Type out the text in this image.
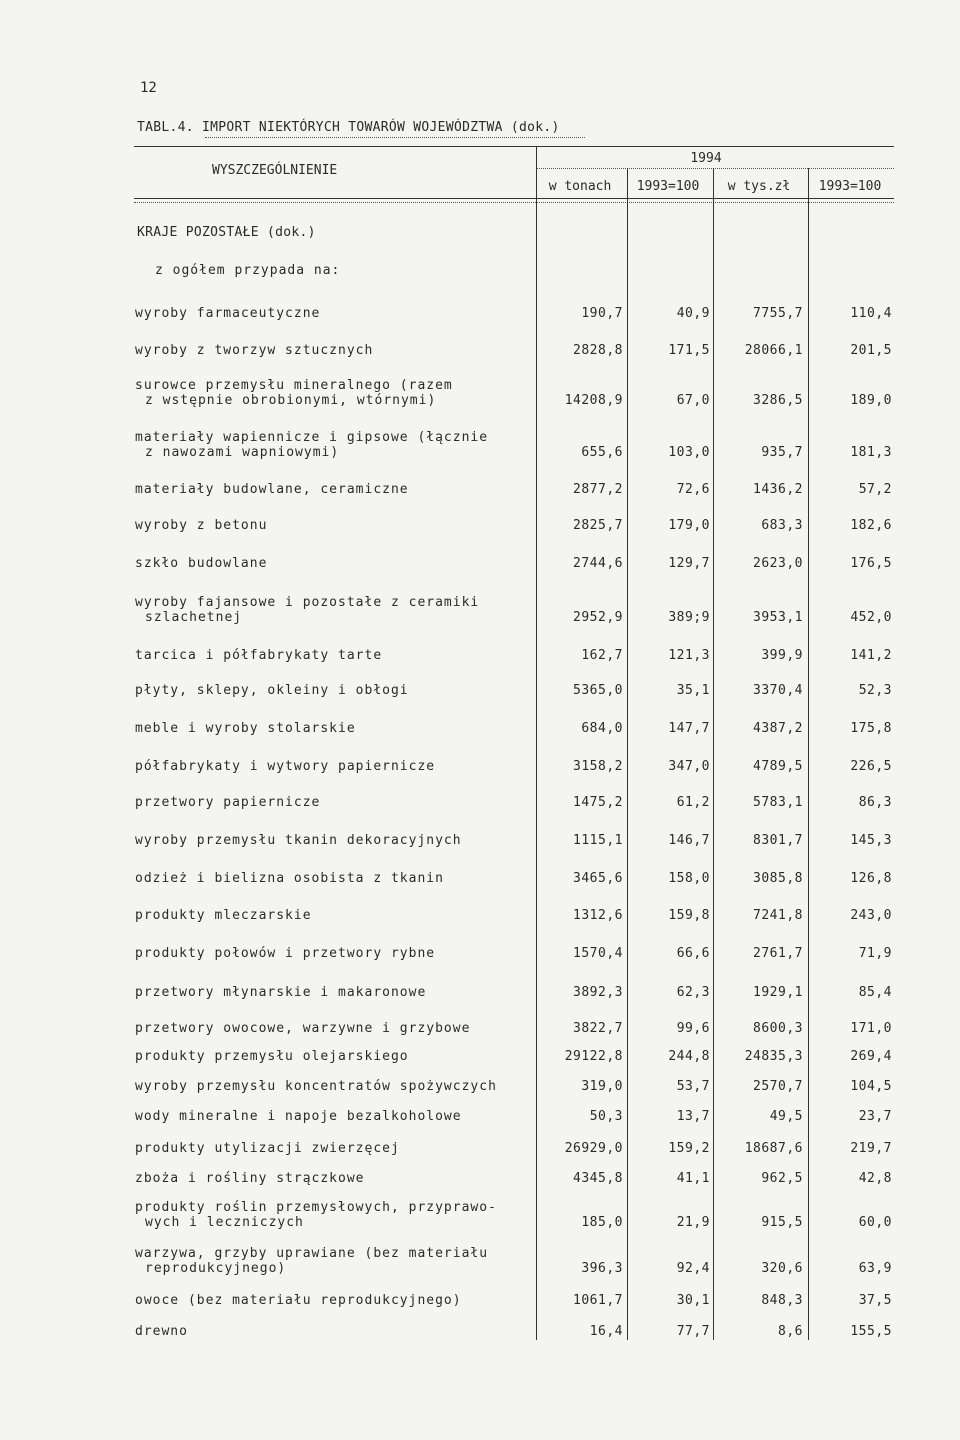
12
TABL.4. IMPORT NIEKTÓRYCH TOWARÓW WOJEWÓDZTWA (dok.)
WYSZCZEGÓLNIENIE
1994
w tonach 1993=100 w tys.zł 1993=100
KRAJE POZOSTAŁE (dok.)
z ogółem przypada na:
wyroby farmaceutyczne	190,7	40,9	7755,7	110,4
wyroby z tworzyw sztucznych	2828,8	171,5	28066,1	201,5
surowce przemysłu mineralnego (razem
z wstępnie obrobionymi, wtórnymi)	14208,9	67,0	3286,5	189,0
materiały wapiennicze i gipsowe (łącznie
z nawozami wapniowymi)	655,6	103,0	935,7	181,3
materiały budowlane, ceramiczne	2877,2	72,6	1436,2	57,2
wyroby z betonu	2825,7	179,0	683,3	182,6
szkło budowlane	2744,6	129,7	2623,0	176,5
wyroby fajansowe i pozostałe z ceramiki
szlachetnej	2952,9	389;9	3953,1	452,0
tarcica i półfabrykaty tarte	162,7	121,3	399,9	141,2
płyty, sklepy, okleiny i obłogi	5365,0	35,1	3370,4	52,3
meble i wyroby stolarskie	684,0	147,7	4387,2	175,8
półfabrykaty i wytwory papiernicze	3158,2	347,0	4789,5	226,5
przetwory papiernicze	1475,2	61,2	5783,1	86,3
wyroby przemysłu tkanin dekoracyjnych	1115,1	146,7	8301,7	145,3
odzież i bielizna osobista z tkanin	3465,6	158,0	3085,8	126,8
produkty mleczarskie	1312,6	159,8	7241,8	243,0
produkty połowów i przetwory rybne	1570,4	66,6	2761,7	71,9
przetwory młynarskie i makaronowe	3892,3	62,3	1929,1	85,4
przetwory owocowe, warzywne i grzybowe	3822,7	99,6	8600,3	171,0
produkty przemysłu olejarskiego	29122,8	244,8	24835,3	269,4
wyroby przemysłu koncentratów spożywczych	319,0	53,7	2570,7	104,5
wody mineralne i napoje bezalkoholowe	50,3	13,7	49,5	23,7
produkty utylizacji zwierzęcej	26929,0	159,2	18687,6	219,7
zboża i rośliny strączkowe	4345,8	41,1	962,5	42,8
produkty roślin przemysłowych, przyprawo-
wych i leczniczych	185,0	21,9	915,5	60,0
warzywa, grzyby uprawiane (bez materiału
reprodukcyjnego)	396,3	92,4	320,6	63,9
owoce (bez materiału reprodukcyjnego)	1061,7	30,1	848,3	37,5
drewno	16,4	77,7	8,6	155,5
